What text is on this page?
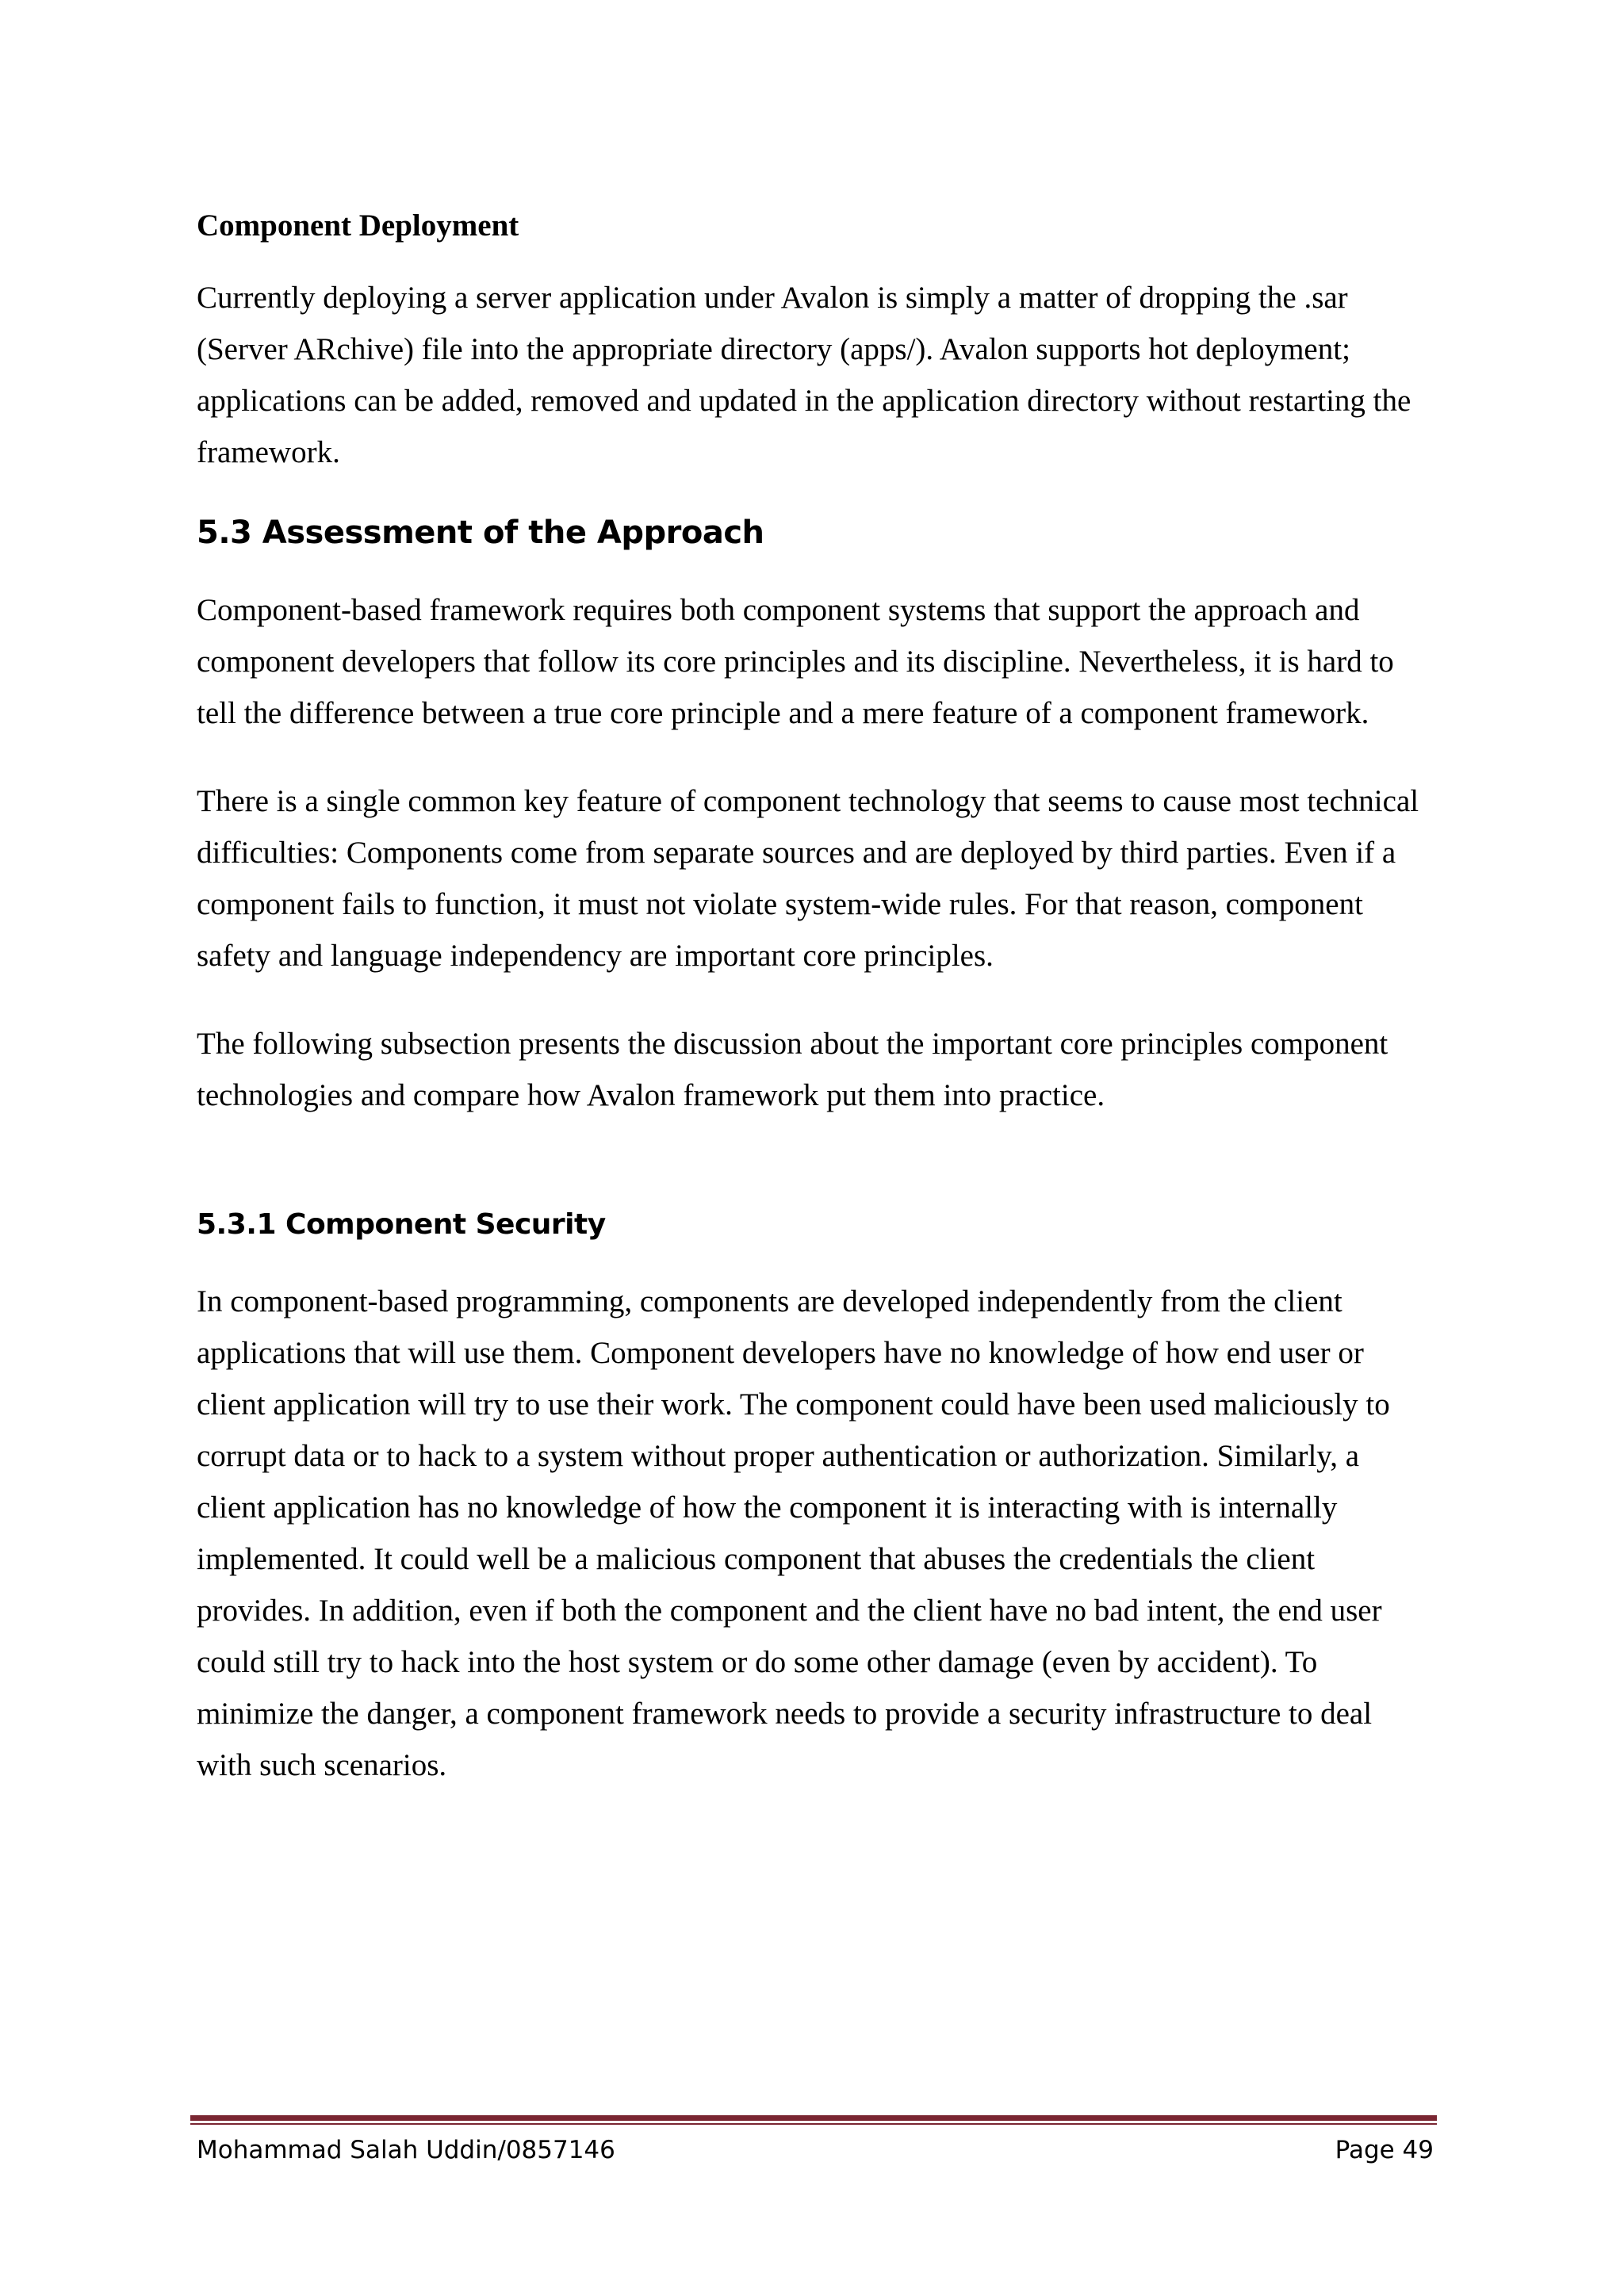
Component Deployment

Currently deploying a server application under Avalon is simply a matter of dropping the .sar (Server ARchive) file into the appropriate directory (apps/). Avalon supports hot deployment; applications can be added, removed and updated in the application directory without restarting the framework.

5.3 Assessment of the Approach

Component-based framework requires both component systems that support the approach and component developers that follow its core principles and its discipline. Nevertheless, it is hard to tell the difference between a true core principle and a mere feature of a component framework.

There is a single common key feature of component technology that seems to cause most technical difficulties: Components come from separate sources and are deployed by third parties. Even if a component fails to function, it must not violate system-wide rules. For that reason, component safety and language independency are important core principles.

The following subsection presents the discussion about the important core principles component technologies and compare how Avalon framework put them into practice.

5.3.1 Component Security

In component-based programming, components are developed independently from the client applications that will use them. Component developers have no knowledge of how end user or client application will try to use their work. The component could have been used maliciously to corrupt data or to hack to a system without proper authentication or authorization. Similarly, a client application has no knowledge of how the component it is interacting with is internally implemented. It could well be a malicious component that abuses the credentials the client provides. In addition, even if both the component and the client have no bad intent, the end user could still try to hack into the host system or do some other damage (even by accident). To minimize the danger, a component framework needs to provide a security infrastructure to deal with such scenarios.

Mohammad Salah Uddin/0857146	Page 49
